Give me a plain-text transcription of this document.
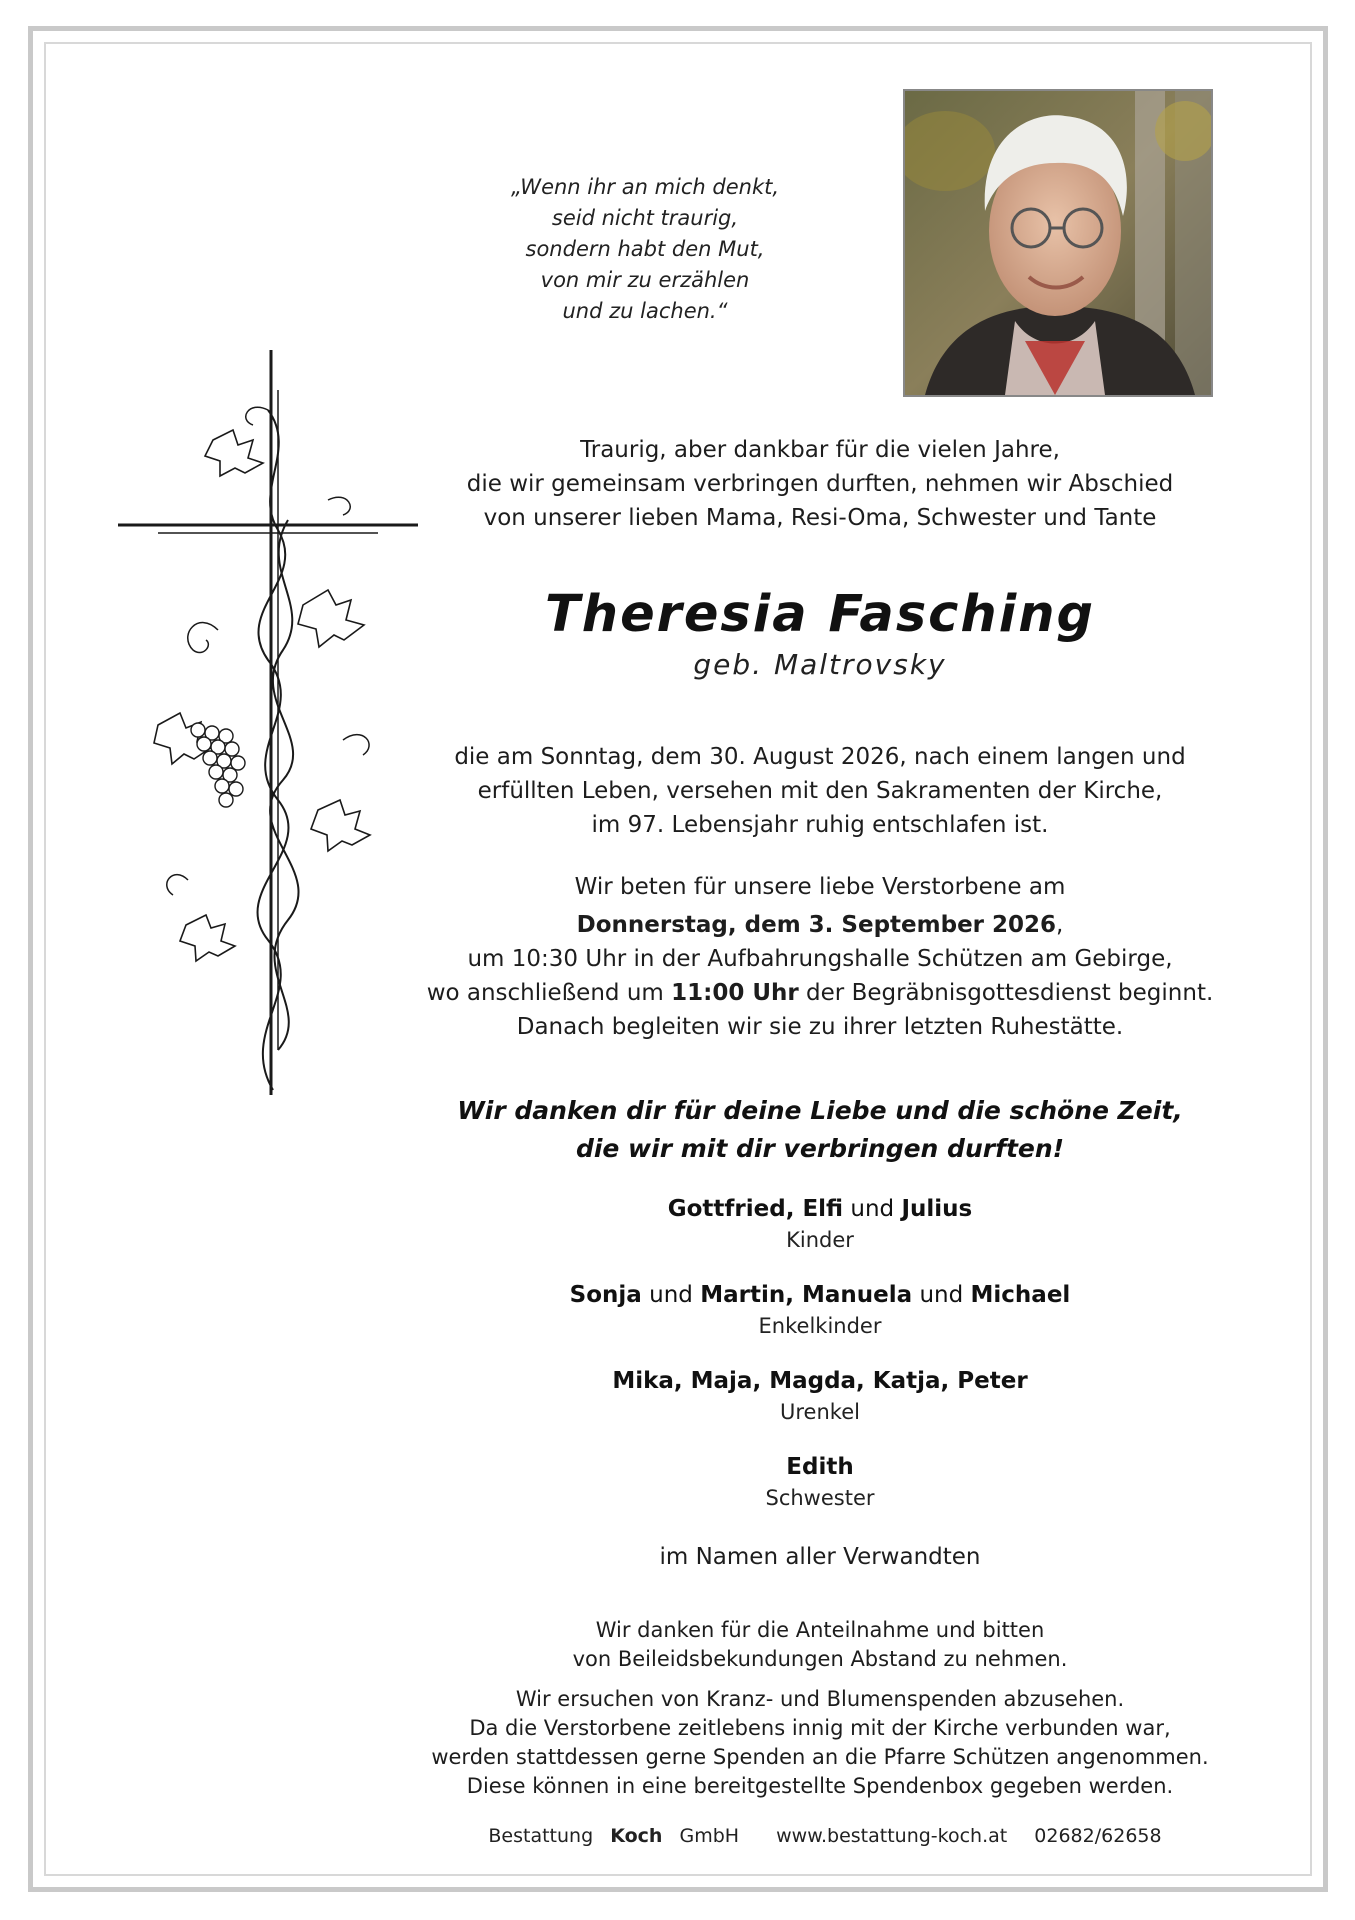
„Wenn ihr an mich denkt,
seid nicht traurig,
sondern habt den Mut,
von mir zu erzählen
und zu lachen.“

Traurig, aber dankbar für die vielen Jahre,

die wir gemeinsam verbringen durften, nehmen wir Abschied

von unserer lieben Mama, Resi-Oma, Schwester und Tante

Theresia Fasching

geb. Maltrovsky

die am Sonntag, dem 30. August 2026, nach einem langen und

erfüllten Leben, versehen mit den Sakramenten der Kirche,

im 97. Lebensjahr ruhig entschlafen ist.

Wir beten für unsere liebe Verstorbene am

Donnerstag, dem 3. September 2026,

um 10:30 Uhr in der Aufbahrungshalle Schützen am Gebirge,

wo anschließend um 11:00 Uhr der Begräbnisgottesdienst beginnt.

Danach begleiten wir sie zu ihrer letzten Ruhestätte.

Wir danken dir für deine Liebe und die schöne Zeit,

die wir mit dir verbringen durften!

Gottfried, Elfi und Julius

Kinder

Sonja und Martin, Manuela und Michael

Enkelkinder

Mika, Maja, Magda, Katja, Peter

Urenkel

Edith

Schwester

im Namen aller Verwandten

Wir danken für die Anteilnahme und bitten

von Beileidsbekundungen Abstand zu nehmen.

Wir ersuchen von Kranz- und Blumenspenden abzusehen.

Da die Verstorbene zeitlebens innig mit der Kirche verbunden war,

werden stattdessen gerne Spenden an die Pfarre Schützen angenommen.

Diese können in eine bereitgestellte Spendenbox gegeben werden.

Bestattung Koch GmbH www.bestattung-koch.at 02682/62658
